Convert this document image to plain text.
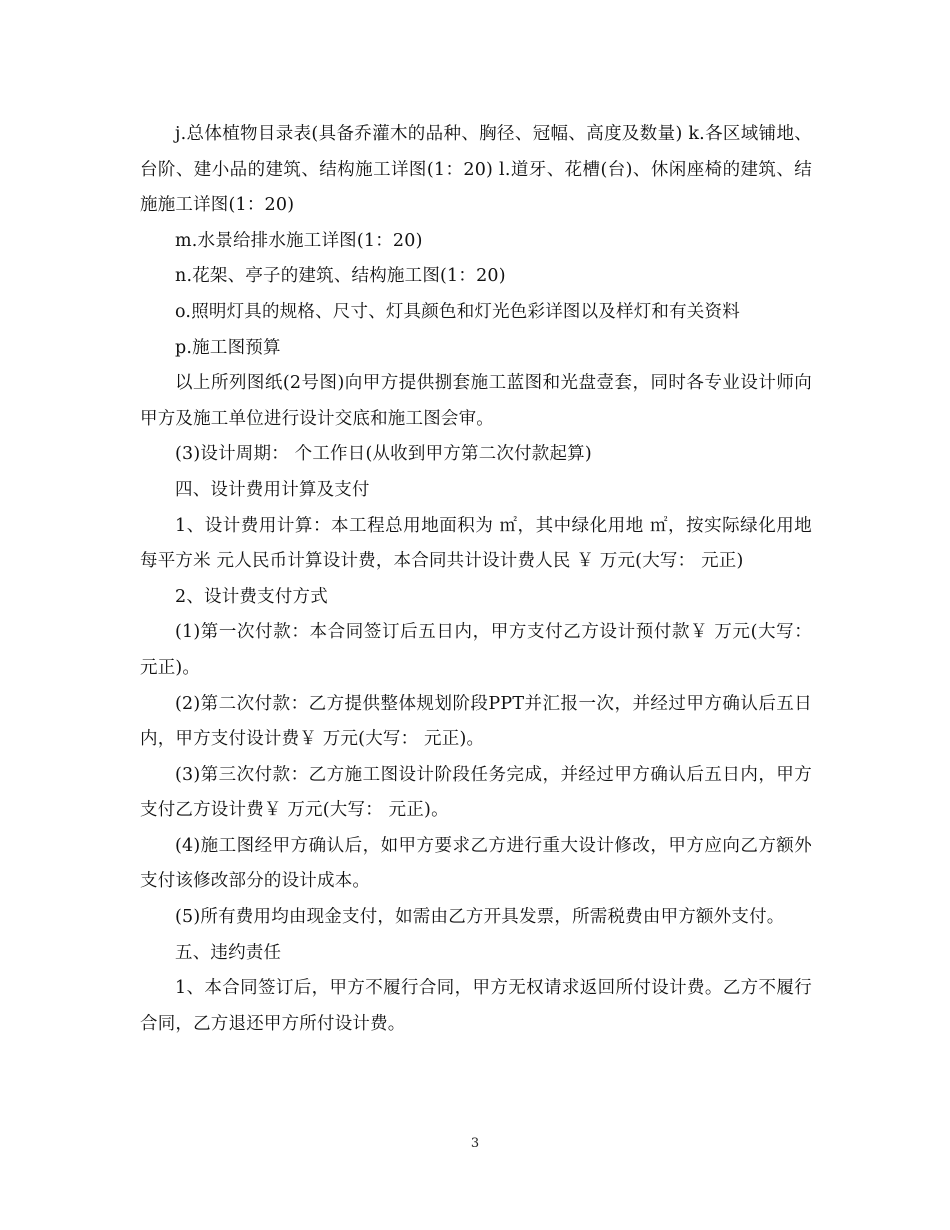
j.总体植物目录表(具备乔灌木的品种、胸径、冠幅、高度及数量) k.各区域铺地、台阶、建小品的建筑、结构施工详图(1：20) l.道牙、花槽(台)、休闲座椅的建筑、结施施工详图(1：20)

m.水景给排水施工详图(1：20)

n.花架、亭子的建筑、结构施工图(1：20)

o.照明灯具的规格、尺寸、灯具颜色和灯光色彩详图以及样灯和有关资料

p.施工图预算

以上所列图纸(2号图)向甲方提供捌套施工蓝图和光盘壹套，同时各专业设计师向甲方及施工单位进行设计交底和施工图会审。

(3)设计周期： 个工作日(从收到甲方第二次付款起算)

四、设计费用计算及支付

1、设计费用计算：本工程总用地面积为 ㎡，其中绿化用地 ㎡，按实际绿化用地每平方米 元人民币计算设计费，本合同共计设计费人民 ￥ 万元(大写： 元正)

2、设计费支付方式

(1)第一次付款：本合同签订后五日内，甲方支付乙方设计预付款￥ 万元(大写： 元正)。

(2)第二次付款：乙方提供整体规划阶段PPT并汇报一次，并经过甲方确认后五日内，甲方支付设计费￥ 万元(大写： 元正)。

(3)第三次付款：乙方施工图设计阶段任务完成，并经过甲方确认后五日内，甲方支付乙方设计费￥ 万元(大写： 元正)。

(4)施工图经甲方确认后，如甲方要求乙方进行重大设计修改，甲方应向乙方额外支付该修改部分的设计成本。

(5)所有费用均由现金支付，如需由乙方开具发票，所需税费由甲方额外支付。

五、违约责任

1、本合同签订后，甲方不履行合同，甲方无权请求返回所付设计费。乙方不履行合同，乙方退还甲方所付设计费。

3
